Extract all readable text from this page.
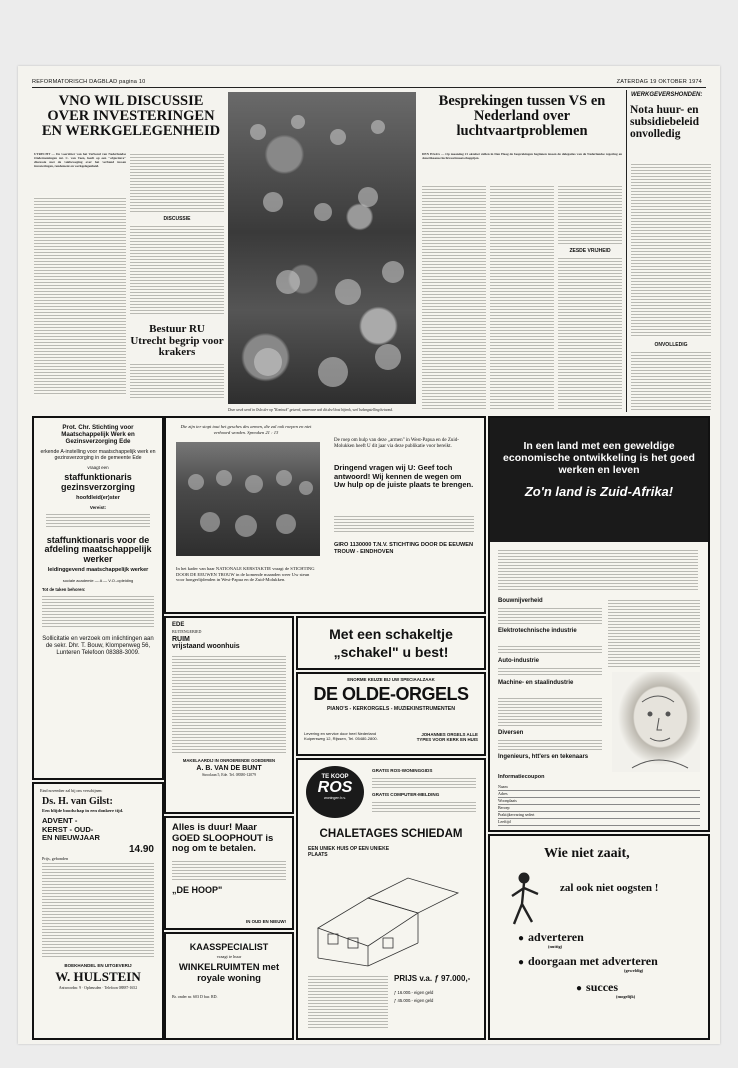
REFORMATORISCH DAGBLAD pagina 10	ZATERDAG 19 OKTOBER 1974
VNO WIL DISCUSSIE OVER INVESTERINGEN EN WERKGELEGENHEID
UTRECHT — De voorzitter van het Verbond van Nederlandse Ondernemingen mr. C. van Veen, heeft op een "objectieve" discussie met de vakbeweging over het verband tussen investeringen, rendement en werkgelegenheid.
DISCUSSIE
Bestuur RU Utrecht begrip voor krakers
Deze week werd in Oslo der op "Koninck" geteerd, waarvoor ook dit deel kost bijtrok, veel belangstelling betoond.
Besprekingen tussen VS en Nederland over luchtvaartproblemen
DEN HAAG — Op maandag 21 oktober zullen in Den Haag de besprekingen beginnen tussen de delegaties van de Nederlandse regering en Amerikaanse luchtvaartmaatschappijen.
ZESDE VRIJHEID
WERKGEVERSHONDEN:
Nota huur- en subsidiebeleid onvolledig
ONVOLLEDIG
Prot. Chr. Stichting voor Maatschappelijk Werk en Gezinsverzorging Ede
erkende A-instelling voor maatschappelijk werk en gezinsverzorging in de gemeente Ede
vraagt een
staffunktionaris gezinsverzorging
hoofdleid(er)ster
Vereist:
staffunktionaris voor de afdeling maatschappelijk werker
leidinggevend maatschappelijk werker
sociale academie — A — V.O.-opleiding
Tot de taken behoren:
Sollicitatie en verzoek om inlichtingen aan de sekr. Dhr. T. Bouw, Klompenweg 56, Lunteren Telefoon 08388-3009.
Eind november zal bij ons verschijnen:
Ds. H. van Gilst:
Een blijde boodschap in een donkere tijd.
ADVENT -
KERST - OUD-
EN NIEUWJAAR
Prijs, gebonden
14.90
BOEKHANDEL EN UITGEVERIJ
W. HULSTEIN
Antwoordnr. 9 · Opheusden · Telefoon 08887-1652
Die zijn ter stopt tout het gesches des armen, die zal ook roepen en niet verhoord worden. Spreuken 21 : 13
In het kader van haar NATIONALE KERSTAKTIE vraagt de STICHTING DOOR DE EEUWEN TROUW in de komende maanden weer Uw steun voor hongerlijdenden in West-Papua en de Zuid-Molukken.
De roep om hulp van deze „armen" in West-Papua en de Zuid-Molukken heeft U dit jaar via deze publikatie voor bereikt.
Dringend vragen wij U: Geef toch antwoord! Wij kennen de wegen om Uw hulp op de juiste plaats te brengen.
GIRO 1130000 T.N.V. STICHTING DOOR DE EEUWEN TROUW - EINDHOVEN
EDE
BUITENGEBIED
RUIM
vrijstaand woonhuis
MAKELAARDIJ IN ONROERENDE GOEDEREN
A. B. VAN DE BUNT
Stroolaan 5, Ede. Tel. 08380-12079
Met een schakeltje
„schakel" u best!
ENORME KEUZE BIJ UW SPECIAALZAAK
DE OLDE-ORGELS
PIANO'S - KERKORGELS - MUZIEKINSTRUMENTEN
Levering en service door heel Nederland Kuipersweg 12, Rijssen, Tel. 05480-2800.
JOHANNES ORGELS ALLE TYPES VOOR KERK EN HUIS
Alles is duur! Maar GOED SLOOPHOUT is nog om te betalen.
„DE HOOP"
IN OUD EN NIEUW!
KAASSPECIALIST
vraagt te huur
WINKELRUIMTEN met royale woning
Br. onder nr. 603 D bur. RD.
TE KOOP
ROS
woningen b.v.
GRATIS ROS-WONINGGIDS
GRATIS COMPUTER-MELDING
CHALETAGES SCHIEDAM
EEN UNIEK HUIS OP EEN UNIEKE PLAATS
PRIJS v.a. ƒ 97.000,-
ƒ 16.000.- eigen geld
ƒ 45.000.- eigen geld
In een land met een geweldige economische ontwikkeling is het goed werken en leven
Zo'n land is Zuid-Afrika!
Bouwnijverheid
Elektrotechnische industrie
Auto-industrie
Machine- en staalindustrie
Diversen
Ingenieurs, htt'ers en tekenaars
Informatiecoupon
Naam
Adres
Woonplaats
Beroep
Praktijkervaring sedert
Leeftijd
Wie niet zaait,
zal ook niet oogsten !
● adverteren
(nuttig)
● doorgaan met adverteren
(geweldig)
● succes
(mogelijk)
